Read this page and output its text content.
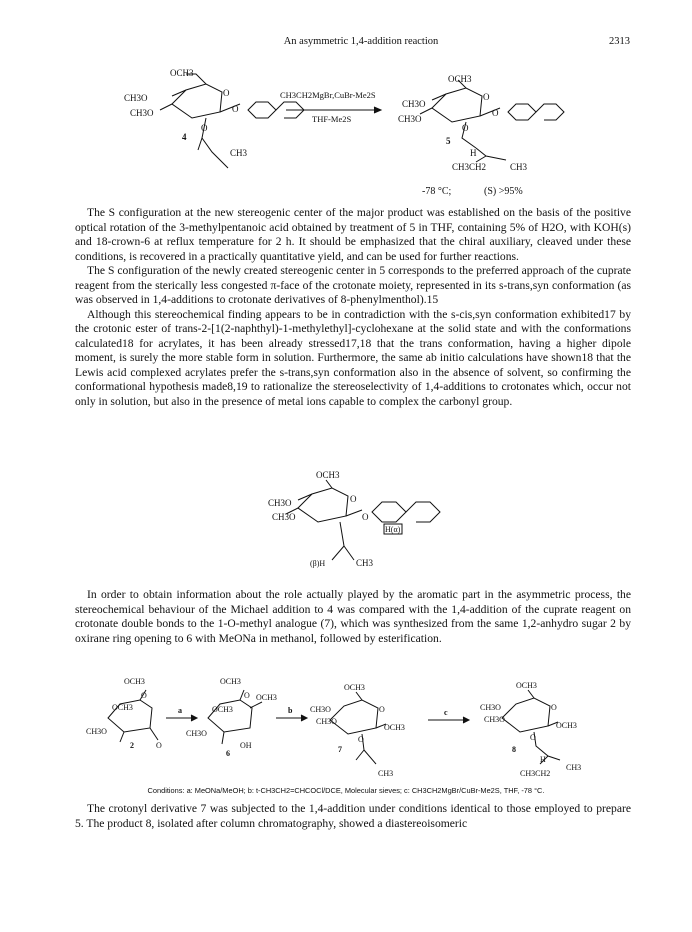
An asymmetric 1,4-addition reaction	2313
OCH3
CH3O
CH3O
O
O
O
CH3
4
CH3CH2MgBr,CuBr-Me2S
THF-Me2S
OCH3
CH3O
CH3O
O
O
O
5
H
CH3CH2	CH3
-78 °C;	(S) >95%

The S configuration at the new stereogenic center of the major product was established on the basis of the positive optical rotation of the 3-methylpentanoic acid obtained by treatment of 5 in THF, containing 5% of H2O, with KOH(s) and 18-crown-6 at reflux temperature for 2 h. It should be emphasized that the chiral auxiliary, cleaved under these conditions, is recovered in a practically quantitative yield, and can be used for further reactions.

The S configuration of the newly created stereogenic center in 5 corresponds to the preferred approach of the cuprate reagent from the sterically less congested π-face of the crotonate moiety, represented in its s-trans,syn conformation (as was observed in 1,4-additions to crotonate derivatives of 8-phenylmenthol).15

Although this stereochemical finding appears to be in contradiction with the s-cis,syn conformation exhibited17 by the crotonic ester of trans-2-[1(2-naphthyl)-1-methylethyl]-cyclohexane at the solid state and with the conformations calculated18 for acrylates, it has been already stressed17,18 that the trans conformation, having a higher dipole moment, is surely the more stable form in solution. Furthermore, the same ab initio calculations have shown18 that the Lewis acid complexed acrylates prefer the s-trans,syn conformation also in the absence of solvent, so confirming the conformational hypothesis made8,19 to rationalize the stereoselectivity of 1,4-additions to crotonates which, occur not only in solution, but also in the presence of metal ions capable to complex the carbonyl group.

OCH3
CH3O
CH3O
O
O
H(α)
(β)H	CH3

In order to obtain information about the role actually played by the aromatic part in the asymmetric process, the stereochemical behaviour of the Michael addition to 4 was compared with the 1,4-addition of the cuprate reagent on crotonate double bonds to the 1-O-methyl analogue (7), which was synthesized from the same 1,2-anhydro sugar 2 by oxirane ring opening to 6 with MeONa in methanol, followed by esterification.

OCH3
O
OCH3
CH3O
2	O
a
OCH3
O OCH3
OCH3
CH3O
6
OH
b
OCH3
CH3O
CH3O
O
OCH3
O
7
CH3
c
OCH3
CH3O
CH3O
O
OCH3
O
8
H
CH3CH2
CH3
Conditions: a: MeONa/MeOH; b: t-CH3CH2=CHCOCl/DCE, Molecular sieves; c: CH3CH2MgBr/CuBr-Me2S, THF, -78 °C.

The crotonyl derivative 7 was subjected to the 1,4-addition under conditions identical to those employed to prepare 5. The product 8, isolated after column chromatography, showed a diastereoisomeric
